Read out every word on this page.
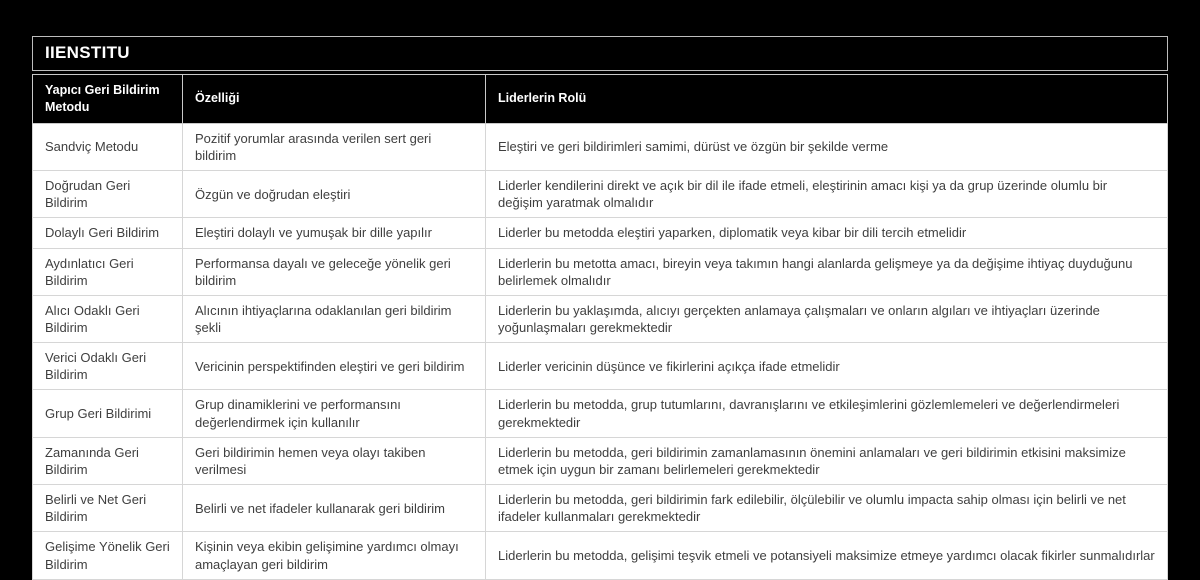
IIENSTITU
Yapıcı Geri Bildirim Metodu	Özelliği	Liderlerin Rolü
Sandviç Metodu	Pozitif yorumlar arasında verilen sert geri bildirim	Eleştiri ve geri bildirimleri samimi, dürüst ve özgün bir şekilde verme
Doğrudan Geri Bildirim	Özgün ve doğrudan eleştiri	Liderler kendilerini direkt ve açık bir dil ile ifade etmeli, eleştirinin amacı kişi ya da grup üzerinde olumlu bir değişim yaratmak olmalıdır
Dolaylı Geri Bildirim	Eleştiri dolaylı ve yumuşak bir dille yapılır	Liderler bu metodda eleştiri yaparken, diplomatik veya kibar bir dili tercih etmelidir
Aydınlatıcı Geri Bildirim	Performansa dayalı ve geleceğe yönelik geri bildirim	Liderlerin bu metotta amacı, bireyin veya takımın hangi alanlarda gelişmeye ya da değişime ihtiyaç duyduğunu belirlemek olmalıdır
Alıcı Odaklı Geri Bildirim	Alıcının ihtiyaçlarına odaklanılan geri bildirim şekli	Liderlerin bu yaklaşımda, alıcıyı gerçekten anlamaya çalışmaları ve onların algıları ve ihtiyaçları üzerinde yoğunlaşmaları gerekmektedir
Verici Odaklı Geri Bildirim	Vericinin perspektifinden eleştiri ve geri bildirim	Liderler vericinin düşünce ve fikirlerini açıkça ifade etmelidir
Grup Geri Bildirimi	Grup dinamiklerini ve performansını değerlendirmek için kullanılır	Liderlerin bu metodda, grup tutumlarını, davranışlarını ve etkileşimlerini gözlemlemeleri ve değerlendirmeleri gerekmektedir
Zamanında Geri Bildirim	Geri bildirimin hemen veya olayı takiben verilmesi	Liderlerin bu metodda, geri bildirimin zamanlamasının önemini anlamaları ve geri bildirimin etkisini maksimize etmek için uygun bir zamanı belirlemeleri gerekmektedir
Belirli ve Net Geri Bildirim	Belirli ve net ifadeler kullanarak geri bildirim	Liderlerin bu metodda, geri bildirimin fark edilebilir, ölçülebilir ve olumlu impacta sahip olması için belirli ve net ifadeler kullanmaları gerekmektedir
Gelişime Yönelik Geri Bildirim	Kişinin veya ekibin gelişimine yardımcı olmayı amaçlayan geri bildirim	Liderlerin bu metodda, gelişimi teşvik etmeli ve potansiyeli maksimize etmeye yardımcı olacak fikirler sunmalıdırlar
